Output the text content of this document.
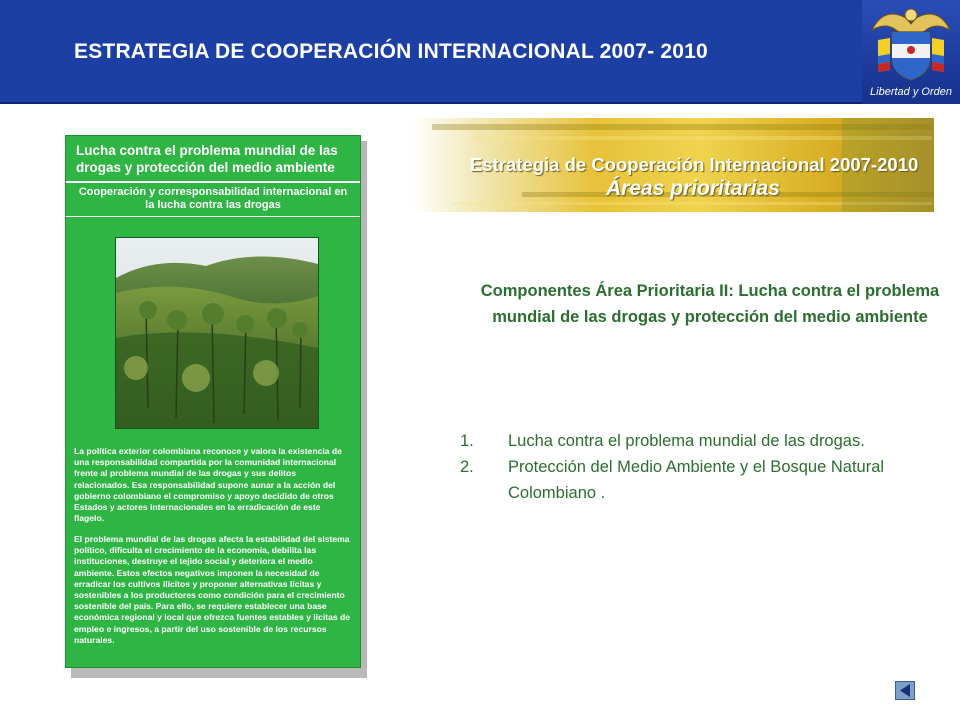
ESTRATEGIA DE COOPERACIÓN INTERNACIONAL 2007- 2010
Libertad y Orden
Lucha contra el problema mundial de las drogas y protección del medio ambiente
Cooperación y corresponsabilidad internacional en la lucha contra las drogas
La política exterior colombiana reconoce y valora la existencia de una responsabilidad compartida por la comunidad internacional frente al problema mundial de las drogas y sus delitos relacionados. Esa responsabilidad supone aunar a la acción del gobierno colombiano el compromiso y apoyo decidido de otros Estados y actores internacionales en la erradicación de este flagelo.
El problema mundial de las drogas afecta la estabilidad del sistema político, dificulta el crecimiento de la economía, debilita las instituciones, destruye el tejido social y deteriora el medio ambiente. Estos efectos negativos imponen la necesidad de erradicar los cultivos ilícitos y proponer alternativas lícitas y sostenibles a los productores como condición para el crecimiento sostenible del país. Para ello, se requiere establecer una base económica regional y local que ofrezca fuentes estables y lícitas de empleo e ingresos, a partir del uso sostenible de los recursos naturales.
Estrategia de Cooperación Internacional 2007-2010
Áreas prioritarias
Componentes Área Prioritaria II: Lucha contra el problema mundial de las drogas y protección del medio ambiente
1. Lucha contra el problema mundial de las drogas.
2. Protección del Medio Ambiente y el Bosque Natural Colombiano .
